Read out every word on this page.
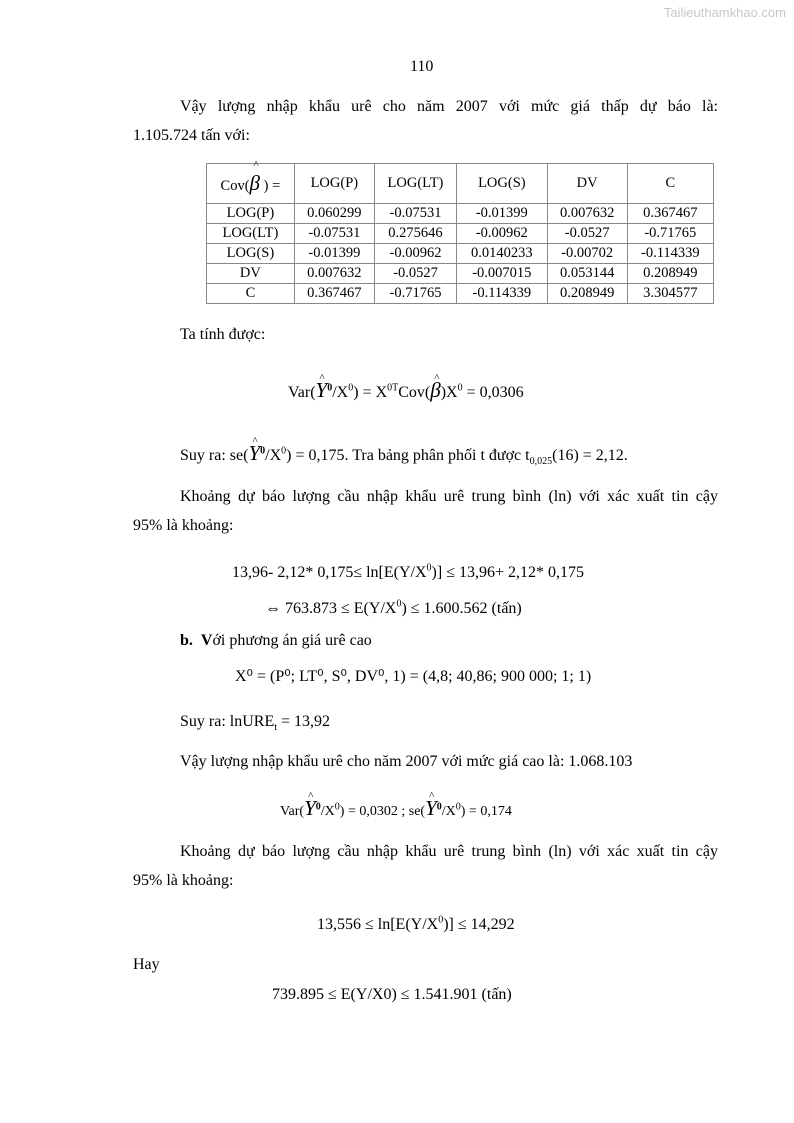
Tailieuthamkhao.com
110
Vậy lượng nhập khẩu urê cho năm 2007 với mức giá thấp dự báo là:
1.105.724 tấn với:
Cov(^ β ) =	LOG(P)	LOG(LT)	LOG(S)	DV	C
LOG(P)	0.060299	-0.07531	-0.01399	0.007632	0.367467
LOG(LT)	-0.07531	0.275646	-0.00962	-0.0527	-0.71765
LOG(S)	-0.01399	-0.00962	0.0140233	-0.00702	-0.114339
DV	0.007632	-0.0527	-0.007015	0.053144	0.208949
C	0.367467	-0.71765	-0.114339	0.208949	3.304577
Ta tính được:
Var(^ $Y^0/X^0$) = $X^{0T}Cov(\^{}$ $\beta)X^0 = 0,0306$
Suy ra: se(^ $Y^0/X^0) = 0,175$. Tra bảng phân phối t được $t_{0,025}(16) = 2,12$.
Khoảng dự báo lượng cầu nhập khẩu urê trung bình (ln) với xác xuất tin cậy
95% là khoảng:
13,96- 2,12* $0,175\le \ln[E(Y/X^0)] \le 13,96+ 2,12*$ 0,175
⇔ $763.873 \le E(Y/X^0) \le 1.600.562$ (tấn)
b. Với phương án giá urê cao
X⁰ = (P⁰; LT⁰, S⁰, DV⁰, 1) = (4,8; 40,86; 900 000; 1; 1)
Suy ra: lnURE$_t$ = 13,92
Vậy lượng nhập khẩu urê cho năm 2007 với mức giá cao là: 1.068.103
Var(^ $Y^0/X^0) = 0,0302$ ; se(^ $Y^0/X^0) = 0,174$
Khoảng dự báo lượng cầu nhập khẩu urê trung bình (ln) với xác xuất tin cậy
95% là khoảng:
$13,556 \le \ln[E(Y/X^0)] \le 14,292$
Hay
739.895 ≤ E(Y/X0) ≤ 1.541.901 (tấn)
